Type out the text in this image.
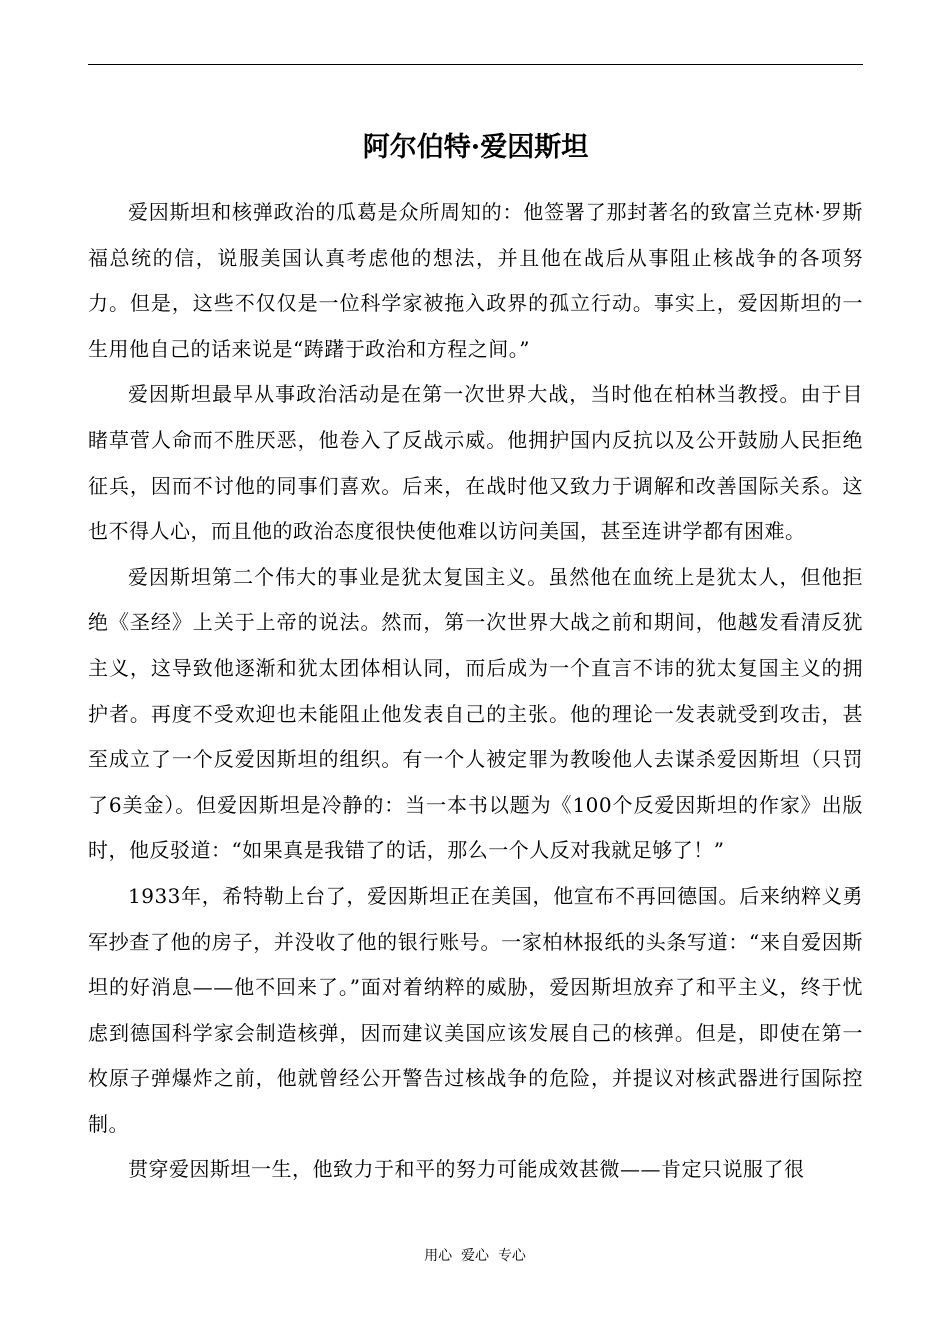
阿尔伯特·爱因斯坦

爱因斯坦和核弹政治的瓜葛是众所周知的：他签署了那封著名的致富兰克林·罗斯福总统的信，说服美国认真考虑他的想法，并且他在战后从事阻止核战争的各项努力。但是，这些不仅仅是一位科学家被拖入政界的孤立行动。事实上，爱因斯坦的一生用他自己的话来说是“踌躇于政治和方程之间。”

爱因斯坦最早从事政治活动是在第一次世界大战，当时他在柏林当教授。由于目睹草菅人命而不胜厌恶，他卷入了反战示威。他拥护国内反抗以及公开鼓励人民拒绝征兵，因而不讨他的同事们喜欢。后来，在战时他又致力于调解和改善国际关系。这也不得人心，而且他的政治态度很快使他难以访问美国，甚至连讲学都有困难。

爱因斯坦第二个伟大的事业是犹太复国主义。虽然他在血统上是犹太人，但他拒绝《圣经》上关于上帝的说法。然而，第一次世界大战之前和期间，他越发看清反犹主义，这导致他逐渐和犹太团体相认同，而后成为一个直言不讳的犹太复国主义的拥护者。再度不受欢迎也未能阻止他发表自己的主张。他的理论一发表就受到攻击，甚至成立了一个反爱因斯坦的组织。有一个人被定罪为教唆他人去谋杀爱因斯坦（只罚了6美金）。但爱因斯坦是冷静的：当一本书以题为《100个反爱因斯坦的作家》出版时，他反驳道：“如果真是我错了的话，那么一个人反对我就足够了！”

1933年，希特勒上台了，爱因斯坦正在美国，他宣布不再回德国。后来纳粹义勇军抄查了他的房子，并没收了他的银行账号。一家柏林报纸的头条写道：“来自爱因斯坦的好消息——他不回来了。”面对着纳粹的威胁，爱因斯坦放弃了和平主义，终于忧虑到德国科学家会制造核弹，因而建议美国应该发展自己的核弹。但是，即使在第一枚原子弹爆炸之前，他就曾经公开警告过核战争的危险，并提议对核武器进行国际控制。

贯穿爱因斯坦一生，他致力于和平的努力可能成效甚微——肯定只说服了很

用心  爱心  专心
